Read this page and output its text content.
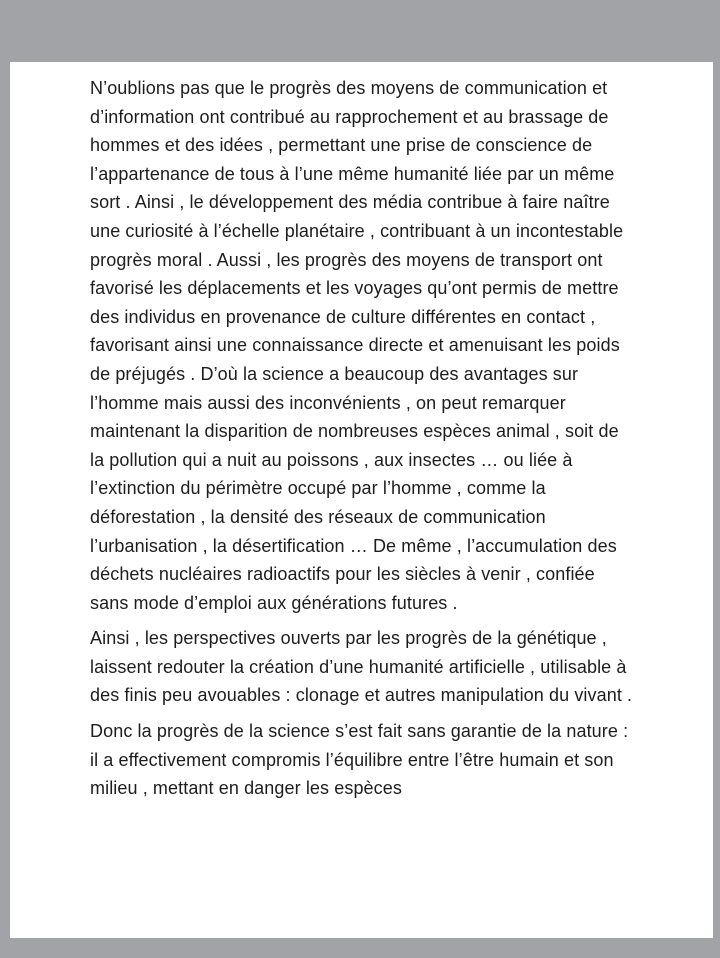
N’oublions pas que le progrès des moyens de communication et d’information ont contribué au rapprochement et au brassage de hommes et des idées , permettant une prise de conscience de l’appartenance de tous à l’une même humanité liée par un même sort . Ainsi , le développement des média contribue à faire naître une curiosité à l’échelle planétaire , contribuant à un incontestable progrès moral . Aussi , les progrès des moyens de transport ont favorisé les déplacements et les voyages qu’ont permis de mettre des individus en provenance de culture différentes en contact , favorisant ainsi une connaissance directe et amenuisant les poids de préjugés . D’où la science a beaucoup des avantages sur l’homme mais aussi des inconvénients , on peut remarquer maintenant la disparition de nombreuses espèces animal , soit de la pollution qui a nuit au poissons , aux insectes … ou liée à l’extinction du périmètre occupé par l’homme , comme la déforestation , la densité des réseaux de communication l’urbanisation , la désertification … De même , l’accumulation des déchets nucléaires radioactifs pour les siècles à venir , confiée sans mode d’emploi aux générations futures .

Ainsi , les perspectives ouverts par les progrès de la génétique , laissent redouter la création d’une humanité artificielle , utilisable à des finis peu avouables : clonage et autres manipulation du vivant .

Donc la progrès de la science s’est fait sans garantie de la nature : il a effectivement compromis l’équilibre entre l’être humain et son milieu , mettant en danger les espèces
